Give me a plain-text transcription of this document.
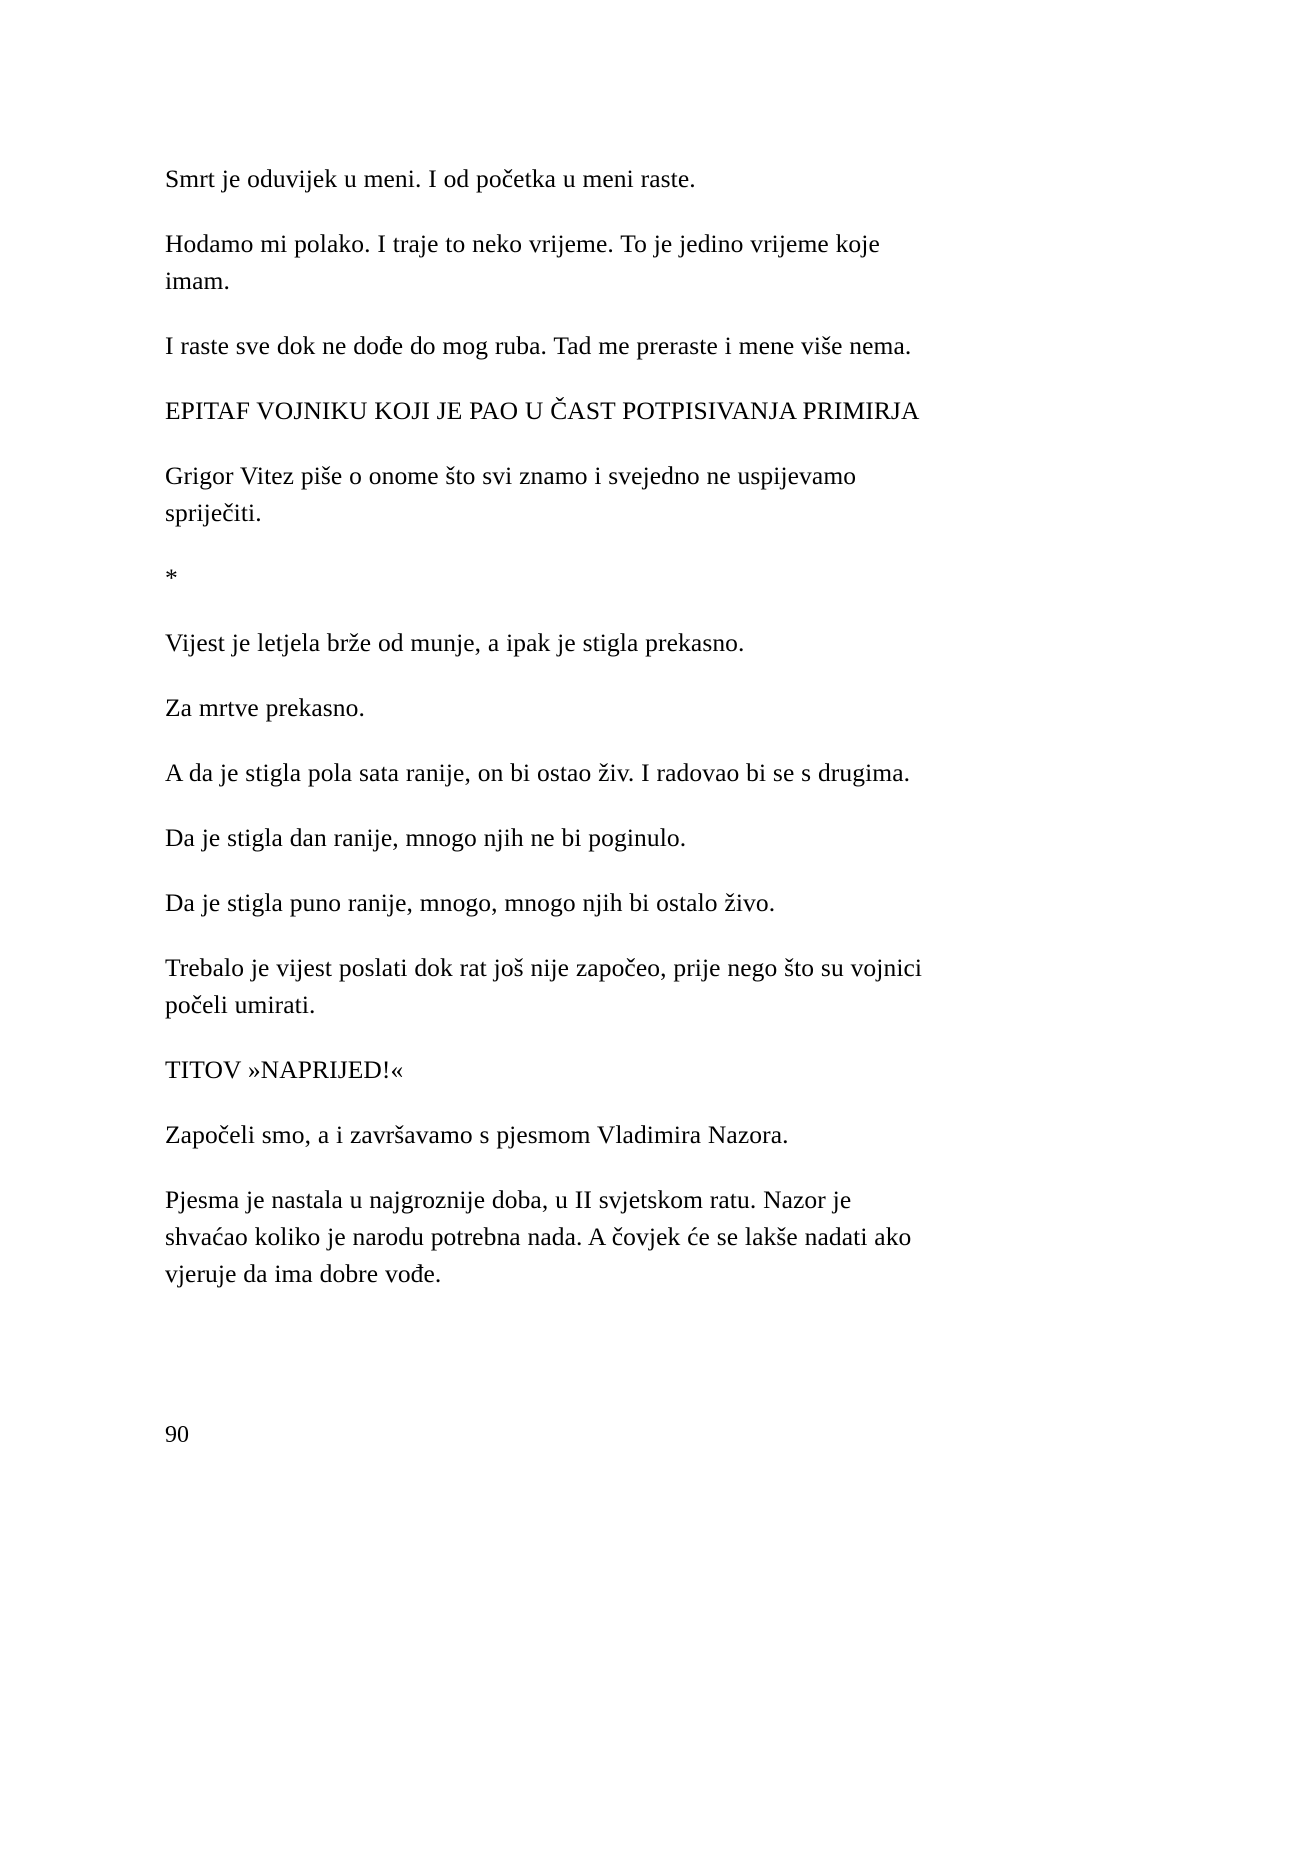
Smrt je oduvijek u meni. I od početka u meni raste.

Hodamo mi polako. I traje to neko vrijeme. To je jedino vrijeme koje imam.

I raste sve dok ne dođe do mog ruba. Tad me preraste i mene više nema.

EPITAF VOJNIKU KOJI JE PAO U ČAST POTPISIVANJA PRIMIRJA

Grigor Vitez piše o onome što svi znamo i svejedno ne uspijevamo spriječiti.

*

Vijest je letjela brže od munje, a ipak je stigla prekasno.

Za mrtve prekasno.

A da je stigla pola sata ranije, on bi ostao živ. I radovao bi se s drugima.

Da je stigla dan ranije, mnogo njih ne bi poginulo.

Da je stigla puno ranije, mnogo, mnogo njih bi ostalo živo.

Trebalo je vijest poslati dok rat još nije započeo, prije nego što su vojnici počeli umirati.

TITOV »NAPRIJED!«

Započeli smo, a i završavamo s pjesmom Vladimira Nazora.

Pjesma je nastala u najgroznije doba, u II svjetskom ratu. Nazor je shvaćao koliko je narodu potrebna nada. A čovjek će se lakše nadati ako vjeruje da ima dobre vođe.

90
